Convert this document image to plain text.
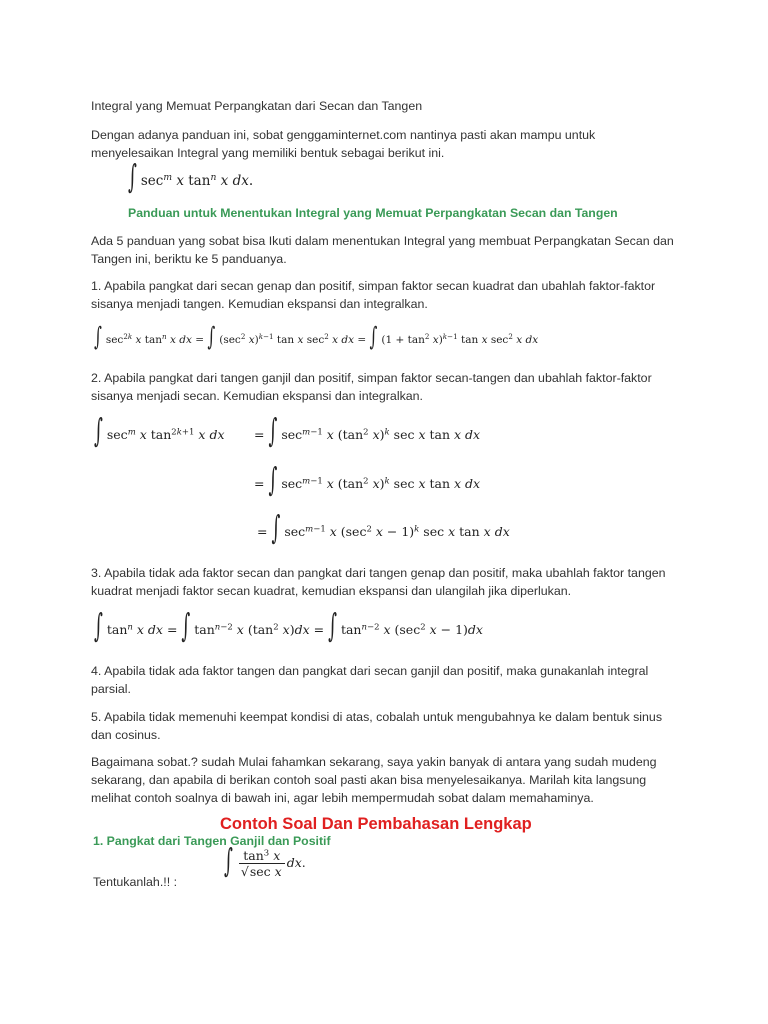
Integral yang Memuat Perpangkatan dari Secan dan Tangen

Dengan adanya panduan ini, sobat genggaminternet.com nantinya pasti akan mampu untuk menyelesaikan Integral yang memiliki bentuk sebagai berikut ini.

∫ $\sec^m x$ $\tan^n x$ dx.
Panduan untuk Menentukan Integral yang Memuat Perpangkatan Secan dan Tangen

Ada 5 panduan yang sobat bisa Ikuti dalam menentukan Integral yang membuat Perpangkatan Secan dan Tangen ini, beriktu ke 5 panduanya.

1. Apabila pangkat dari secan genap dan positif, simpan faktor secan kuadrat dan ubahlah faktor-faktor sisanya menjadi tangen. Kemudian ekspansi dan integralkan.

∫ $\sec^{2k} x$ $\tan^n x$ dx = ∫ ($\sec^2$ x)$^{k-1}$ tan x $\sec^2 x$ dx = ∫ $(1 + \tan^2 x)^{k-1}$ tan x $\sec^2 x$ dx

2. Apabila pangkat dari tangen ganjil dan positif, simpan faktor secan-tangen dan ubahlah faktor-faktor sisanya menjadi secan. Kemudian ekspansi dan integralkan.

∫ $\sec^m x$ $\tan^{2k+1} x$ dx = ∫ $\sec^{m-1} x$ ($\tan^2$ x)$^k$ sec x tan x dx
= ∫ $\sec^{m-1} x$ ($\tan^2$ x)$^k$ sec x tan x dx
= ∫ $\sec^{m-1} x$ ($\sec^2$ x − 1)$^k$ sec x tan x dx

3. Apabila tidak ada faktor secan dan pangkat dari tangen genap dan positif, maka ubahlah faktor tangen kuadrat menjadi faktor secan kuadrat, kemudian ekspansi dan ulangilah jika diperlukan.

∫ $\tan^n x$ dx = ∫ $\tan^{n-2} x$ ($\tan^2$ x)dx = ∫ $\tan^{n-2} x$ ($\sec^2$ x − 1)dx

4. Apabila tidak ada faktor tangen dan pangkat dari secan ganjil dan positif, maka gunakanlah integral parsial.

5. Apabila tidak memenuhi keempat kondisi di atas, cobalah untuk mengubahnya ke dalam bentuk sinus dan cosinus.

Bagaimana sobat.? sudah Mulai fahamkan sekarang, saya yakin banyak di antara yang sudah mudeng sekarang, dan apabila di berikan contoh soal pasti akan bisa menyelesaikanya. Marilah kita langsung melihat contoh soalnya di bawah ini, agar lebih mempermudah sobat dalam memahaminya.

Contoh Soal Dan Pembahasan Lengkap
1. Pangkat dari Tangen Ganjil dan Positif
Tentukanlah.!! :
∫ $\frac{\tan^3 x}{\text{√sec x}}$ dx.
